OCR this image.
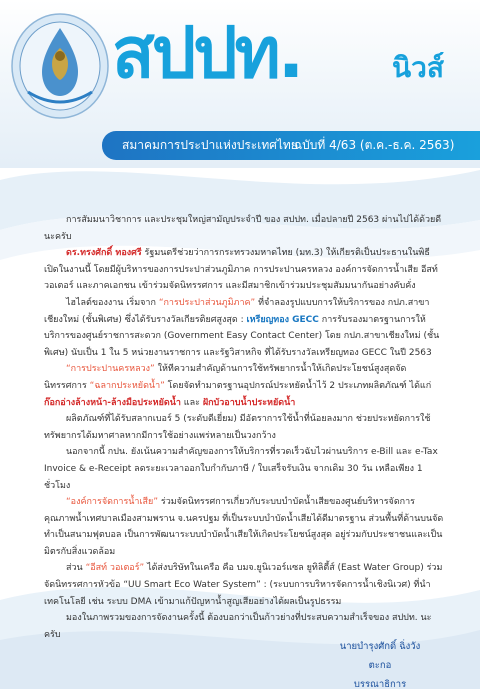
สปปท.	นิวส์
สมาคมการประปาแห่งประเทศไทย
ฉบับที่ 4/63 (ต.ค.-ธ.ค. 2563)

การสัมมนาวิชาการ และประชุมใหญ่สามัญประจำปี ของ สปปท. เมื่อปลายปี 2563 ผ่านไปได้ด้วยดีนะครับ

ดร.ทรงศักดิ์ ทองศรี รัฐมนตรีช่วยว่าการกระทรวงมหาดไทย (มท.3) ให้เกียรติเป็นประธานในพิธีเปิดในงานนี้ โดยมีผู้บริหารของการประปาส่วนภูมิภาค การประปานครหลวง องค์การจัดการน้ำเสีย อีสท์ วอเตอร์ และภาคเอกชน เข้าร่วมจัดนิทรรศการ และมีสมาชิกเข้าร่วมประชุมสัมมนากันอย่างคับคั่ง

ไฮไลต์ของงาน เริ่มจาก “การประปาส่วนภูมิภาค” ที่จำลองรูปแบบการให้บริการของ กปภ.สาขาเชียงใหม่ (ชั้นพิเศษ) ซึ่งได้รับรางวัลเกียรติยศสูงสุด : เหรียญทอง GECC การรับรองมาตรฐานการให้บริการของศูนย์ราชการสะดวก (Government Easy Contact Center) โดย กปภ.สาขาเชียงใหม่ (ชั้นพิเศษ) นับเป็น 1 ใน 5 หน่วยงานราชการ และรัฐวิสาหกิจ ที่ได้รับรางวัลเหรียญทอง GECC ในปี 2563

“การประปานครหลวง” ให้ทีความสำคัญด้านการใช้ทรัพยากรน้ำให้เกิดประโยชน์สูงสุดจัดนิทรรศการ “ฉลากประหยัดน้ำ” โดยจัดทำมาตรฐานอุปกรณ์ประหยัดน้ำไว้ 2 ประเภทผลิตภัณฑ์ ได้แก่ ก๊อกอ่างล้างหน้า-ล้างมือประหยัดน้ำ และ ฝักบัวอาบน้ำประหยัดน้ำ

ผลิตภัณฑ์ที่ได้รับสลากเบอร์ 5 (ระดับดีเยี่ยม) มีอัตราการใช้น้ำที่น้อยลงมาก ช่วยประหยัดการใช้ทรัพยากรได้มหาศาลหากมีการใช้อย่างแพร่หลายเป็นวงกว้าง

นอกจากนี้ กปน. ยังเน้นความสำคัญของการให้บริการที่รวดเร็วฉับไวผ่านบริการ e-Bill และ e-Tax Invoice & e-Receipt ลดระยะเวลาออกใบกำกับภาษี / ใบเสร็จรับเงิน จากเดิม 30 วัน เหลือเพียง 1 ชั่วโมง

“องค์การจัดการน้ำเสีย” ร่วมจัดนิทรรศการเกี่ยวกับระบบบำบัดน้ำเสียของศูนย์บริหารจัดการคุณภาพน้ำเทศบาลเมืองสามพราน จ.นครปฐม ที่เป็นระบบบำบัดน้ำเสียได้ดีมาตรฐาน ส่วนพื้นที่ด้านบนจัดทำเป็นสนามฟุตบอล เป็นการพัฒนาระบบบำบัดน้ำเสียให้เกิดประโยชน์สูงสุด อยู่ร่วมกับประชาชนและเป็นมิตรกับสิ่งแวดล้อม

ส่วน “อีสท์ วอเตอร์” ได้ส่งบริษัทในเครือ คือ บมจ.ยูนิเวอร์แซล ยูทิลิตี้ส์ (East Water Group) ร่วมจัดนิทรรศการหัวข้อ “UU Smart Eco Water System” : (ระบบการบริหารจัดการน้ำเชิงนิเวศ) ที่นำเทคโนโลยี เช่น ระบบ DMA เข้ามาแก้ปัญหาน้ำสูญเสียอย่างได้ผลเป็นรูปธรรม

มองในภาพรวมของการจัดงานครั้งนี้ ต้องบอกว่าเป็นก้าวย่างที่ประสบความสำเร็จของ สปปท. นะครับ

นายบำรุงศักดิ์ ฉิ่งวังตะกอ
บรรณาธิการ
